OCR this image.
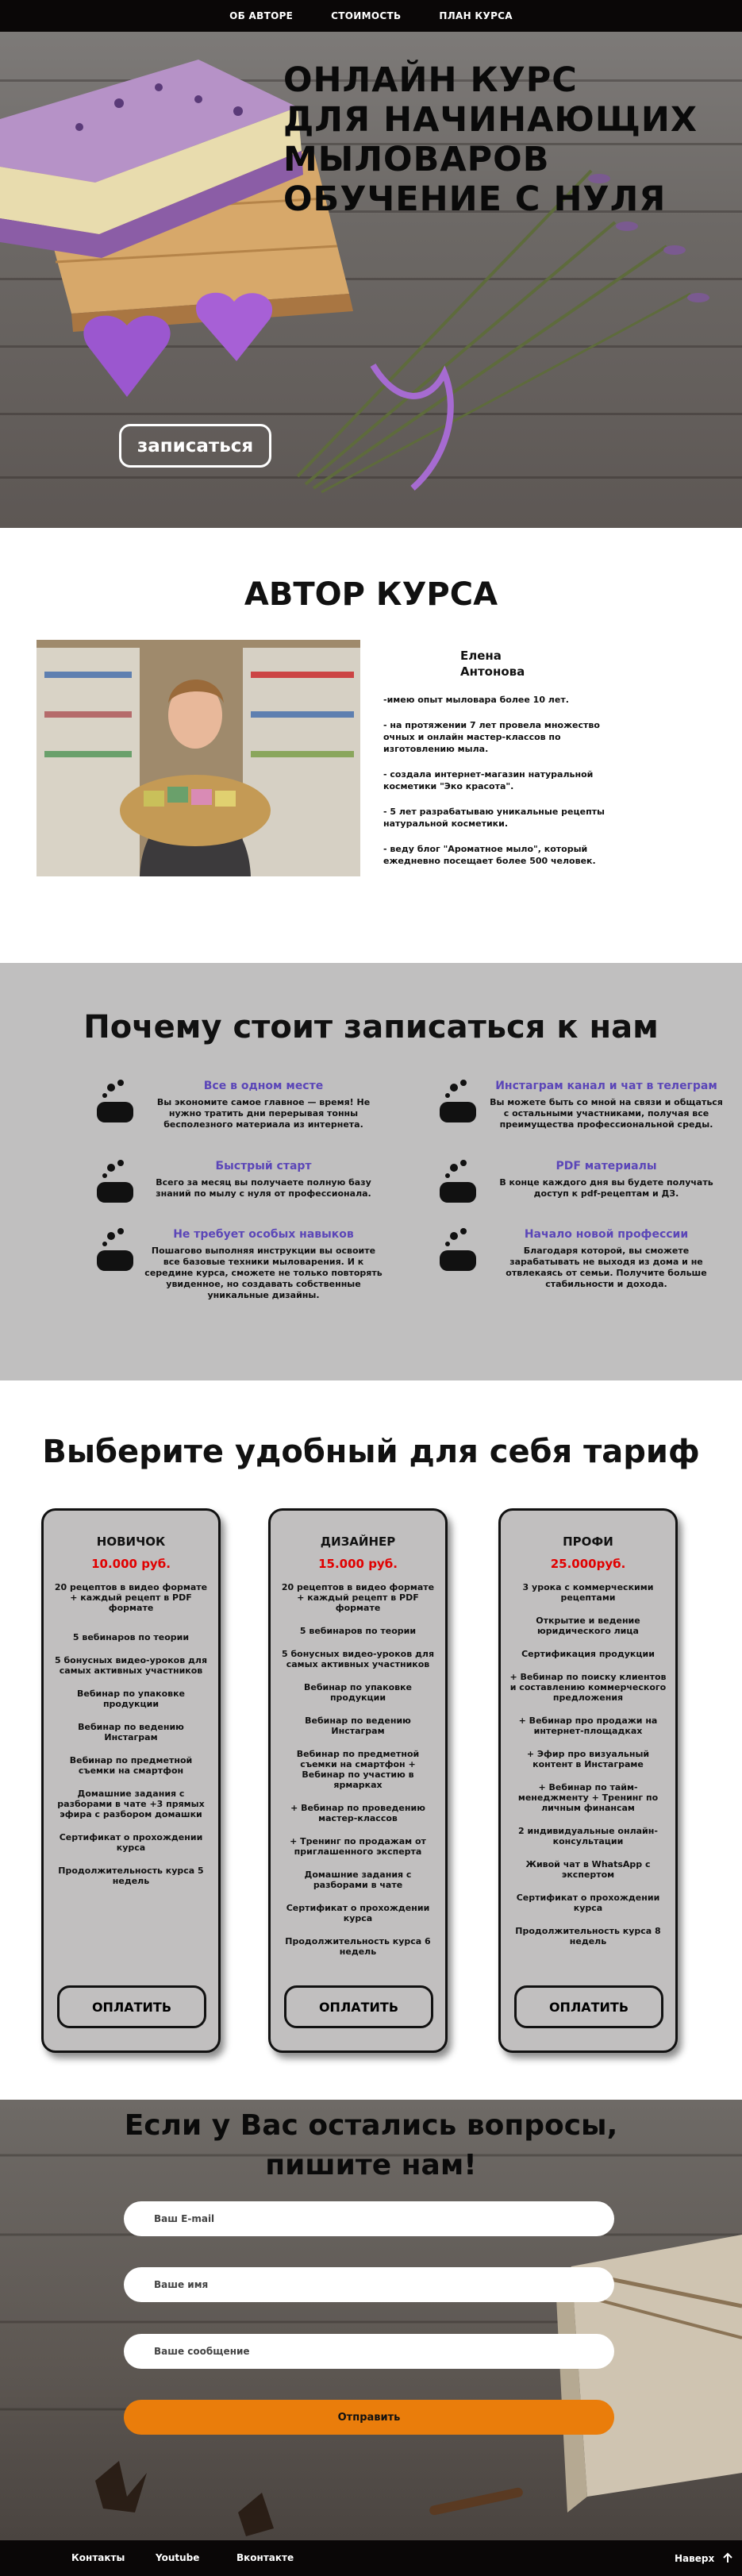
ОБ АВТОРЕ	СТОИМОСТЬ	ПЛАН КУРСА
ОНЛАЙН КУРС
ДЛЯ НАЧИНАЮЩИХ
МЫЛОВАРОВ
ОБУЧЕНИЕ С НУЛЯ
записаться
АВТОР КУРСА
Елена
Антонова
-имею опыт мыловара более 10 лет.
- на протяжении 7 лет провела множество очных и онлайн мастер-классов по изготовлению мыла.
- создала интернет-магазин натуральной косметики "Эко красота".
- 5 лет разрабатываю уникальные рецепты натуральной косметики.
- веду блог "Ароматное мыло", который ежедневно посещает более 500 человек.
Почему стоит записаться к нам
Все в одном месте
Вы экономите самое главное — время! Не нужно тратить дни перерывая тонны бесполезного материала из интернета.
Быстрый старт
Всего за месяц вы получаете полную базу знаний по мылу с нуля от профессионала.
Не требует особых навыков
Пошагово выполняя инструкции вы освоите все базовые техники мыловарения. И к середине курса, сможете не только повторять увиденное, но создавать собственные уникальные дизайны.
Инстаграм канал и чат в телеграм
Вы можете быть со мной на связи и общаться с остальными участниками, получая все преимущества профессиональной среды.
PDF материалы
В конце каждого дня вы будете получать доступ к pdf-рецептам и ДЗ.
Начало новой профессии
Благодаря которой, вы сможете зарабатывать не выходя из дома и не отвлекаясь от семьи. Получите больше стабильности и дохода.
Выберите удобный для себя тариф
НОВИЧОК
10.000 руб.
20 рецептов в видео формате + каждый рецепт в PDF формате
5 вебинаров по теории
5 бонусных видео-уроков для самых активных участников
Вебинар по упаковке продукции
Вебинар по ведению Инстаграм
Вебинар по предметной съемки на смартфон
Домашние задания с разборами в чате +3 прямых эфира с разбором домашки
Сертификат о прохождении курса
Продолжительность курса 5 недель
ОПЛАТИТЬ
ДИЗАЙНЕР
15.000 руб.
20 рецептов в видео формате + каждый рецепт в PDF формате
5 вебинаров по теории
5 бонусных видео-уроков для самых активных участников
Вебинар по упаковке продукции
Вебинар по ведению Инстаграм
Вебинар по предметной съемки на смартфон + Вебинар по участию в ярмарках
+ Вебинар по проведению мастер-классов
+ Тренинг по продажам от приглашенного эксперта
Домашние задания с разборами в чате
Сертификат о прохождении курса
Продолжительность курса 6 недель
ОПЛАТИТЬ
ПРОФИ
25.000руб.
3 урока с коммерческими рецептами
Открытие и ведение юридического лица
Сертификация продукции
+ Вебинар по поиску клиентов и составлению коммерческого предложения
+ Вебинар про продажи на интернет-площадках
+ Эфир про визуальный контент в Инстаграме
+ Вебинар по тайм-менеджменту + Тренинг по личным финансам
2 индивидуальные онлайн-консультации
Живой чат в WhatsApp с экспертом
Сертификат о прохождении курса
Продолжительность курса 8 недель
ОПЛАТИТЬ
Если у Вас остались вопросы,
пишите нам!
Ваш E-mail
Ваше имя
Ваше сообщение
Отправить
Контакты	Youtube	Вконтакте	Наверх
